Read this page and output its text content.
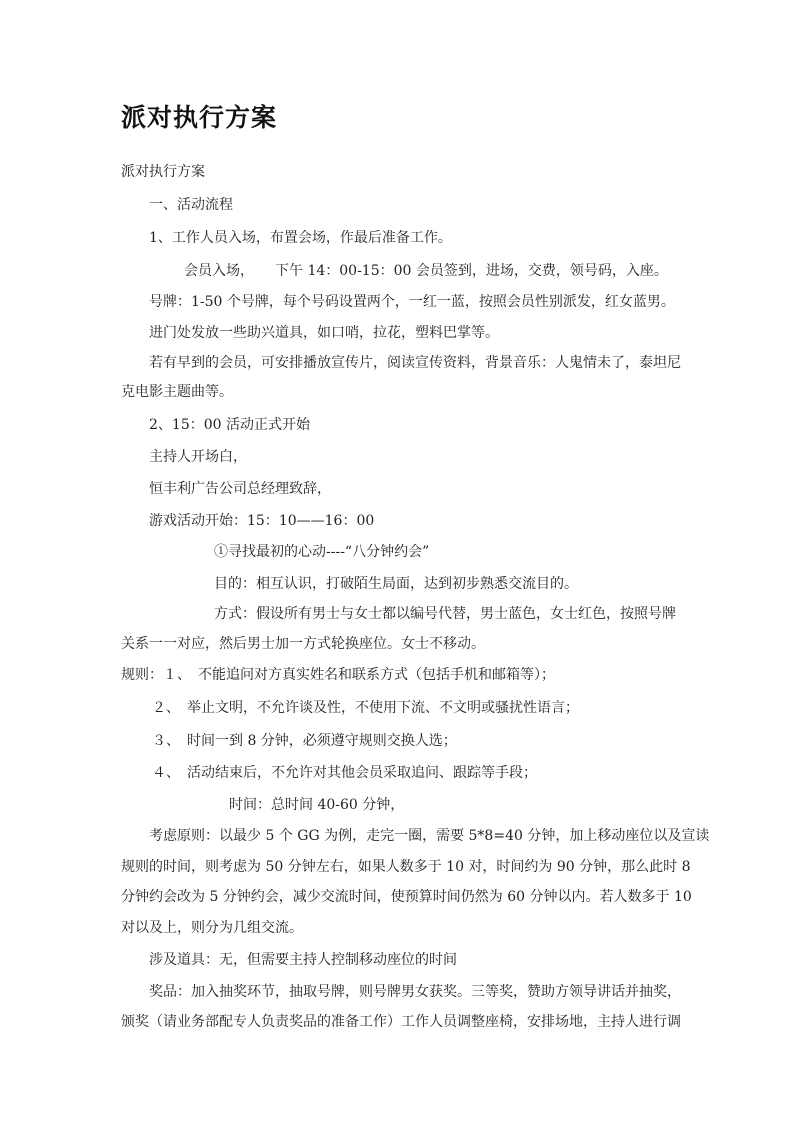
派对执行方案
派对执行方案
一、活动流程
1、工作人员入场，布置会场，作最后准备工作。
会员入场，　　下午 14：00-15：00 会员签到，进场，交费，领号码，入座。
号牌：1-50 个号牌，每个号码设置两个，一红一蓝，按照会员性别派发，红女蓝男。
进门处发放一些助兴道具，如口哨，拉花，塑料巴掌等。
若有早到的会员，可安排播放宣传片，阅读宣传资料，背景音乐：人鬼情未了，泰坦尼
克电影主题曲等。
2、15：00 活动正式开始
主持人开场白，
恒丰利广告公司总经理致辞，
游戏活动开始：15：10——16：00
①寻找最初的心动----“八分钟约会”
目的：相互认识，打破陌生局面，达到初步熟悉交流目的。
方式：假设所有男士与女士都以编号代替，男士蓝色，女士红色，按照号牌
关系一一对应，然后男士加一方式轮换座位。女士不移动。
规则：１、　不能追问对方真实姓名和联系方式（包括手机和邮箱等）；
２、　举止文明，不允许谈及性，不使用下流、不文明或骚扰性语言；
３、　时间一到 8 分钟，必须遵守规则交换人选；
４、　活动结束后，不允许对其他会员采取追问、跟踪等手段；
时间：总时间 40-60 分钟，
考虑原则：以最少 5 个 GG 为例，走完一圈，需要 5*8=40 分钟，加上移动座位以及宣读
规则的时间，则考虑为 50 分钟左右，如果人数多于 10 对，时间约为 90 分钟，那么此时 8
分钟约会改为 5 分钟约会，减少交流时间，使预算时间仍然为 60 分钟以内。若人数多于 10
对以及上，则分为几组交流。
涉及道具：无，但需要主持人控制移动座位的时间
奖品：加入抽奖环节，抽取号牌，则号牌男女获奖。三等奖，赞助方领导讲话并抽奖，
颁奖（请业务部配专人负责奖品的准备工作）工作人员调整座椅，安排场地，主持人进行调
